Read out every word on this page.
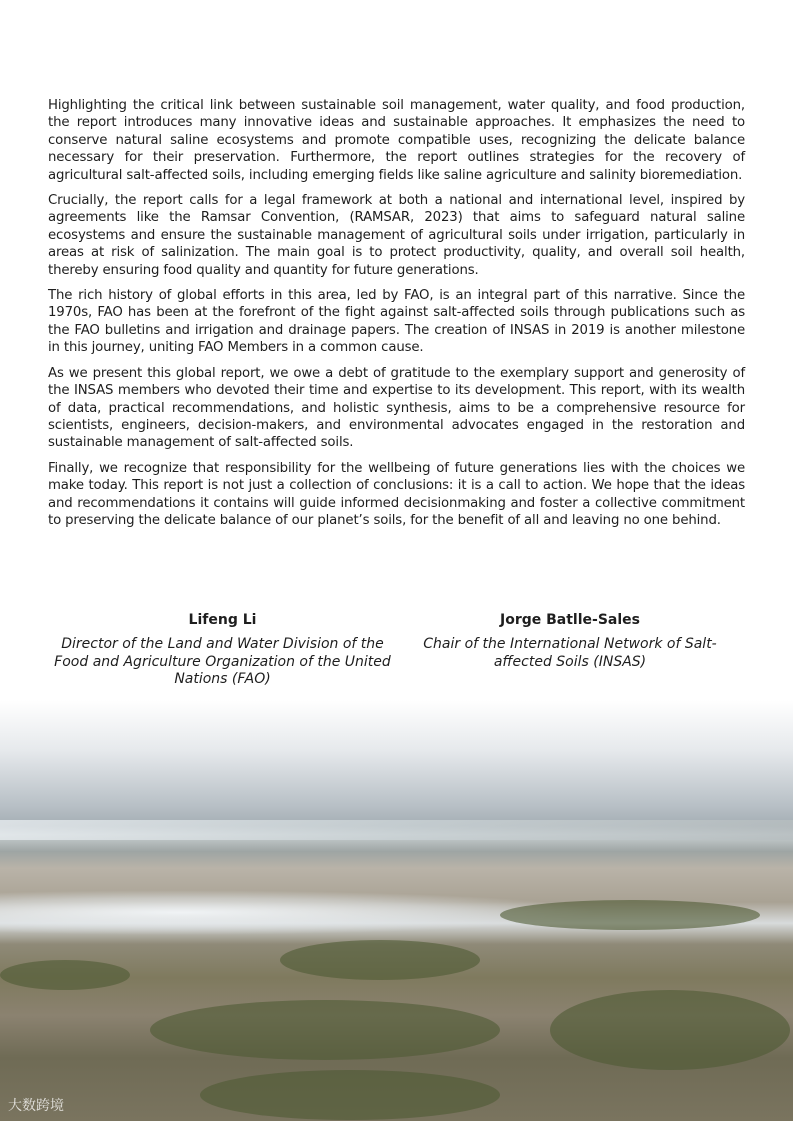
Highlighting the critical link between sustainable soil management, water quality, and food production, the report introduces many innovative ideas and sustainable approaches. It emphasizes the need to conserve natural saline ecosystems and promote compatible uses, recognizing the delicate balance necessary for their preservation. Furthermore, the report outlines strategies for the recovery of agricultural salt-affected soils, including emerging fields like saline agriculture and salinity bioremediation.

Crucially, the report calls for a legal framework at both a national and international level, inspired by agreements like the Ramsar Convention, (RAMSAR, 2023) that aims to safeguard natural saline ecosystems and ensure the sustainable management of agricultural soils under irrigation, particularly in areas at risk of salinization. The main goal is to protect productivity, quality, and overall soil health, thereby ensuring food quality and quantity for future generations.

The rich history of global efforts in this area, led by FAO, is an integral part of this narrative. Since the 1970s, FAO has been at the forefront of the fight against salt-affected soils through publications such as the FAO bulletins and irrigation and drainage papers. The creation of INSAS in 2019 is another milestone in this journey, uniting FAO Members in a common cause.

As we present this global report, we owe a debt of gratitude to the exemplary support and generosity of the INSAS members who devoted their time and expertise to its development. This report, with its wealth of data, practical recommendations, and holistic synthesis, aims to be a comprehensive resource for scientists, engineers, decision-makers, and environmental advocates engaged in the restoration and sustainable management of salt-affected soils.

Finally, we recognize that responsibility for the wellbeing of future generations lies with the choices we make today. This report is not just a collection of conclusions: it is a call to action. We hope that the ideas and recommendations it contains will guide informed decisionmaking and foster a collective commitment to preserving the delicate balance of our planet’s soils, for the benefit of all and leaving no one behind.

Lifeng Li
Director of the Land and Water Division of the Food and Agriculture Organization of the United Nations (FAO)
Jorge Batlle-Sales
Chair of the International Network of Salt-affected Soils (INSAS)
大数跨境
